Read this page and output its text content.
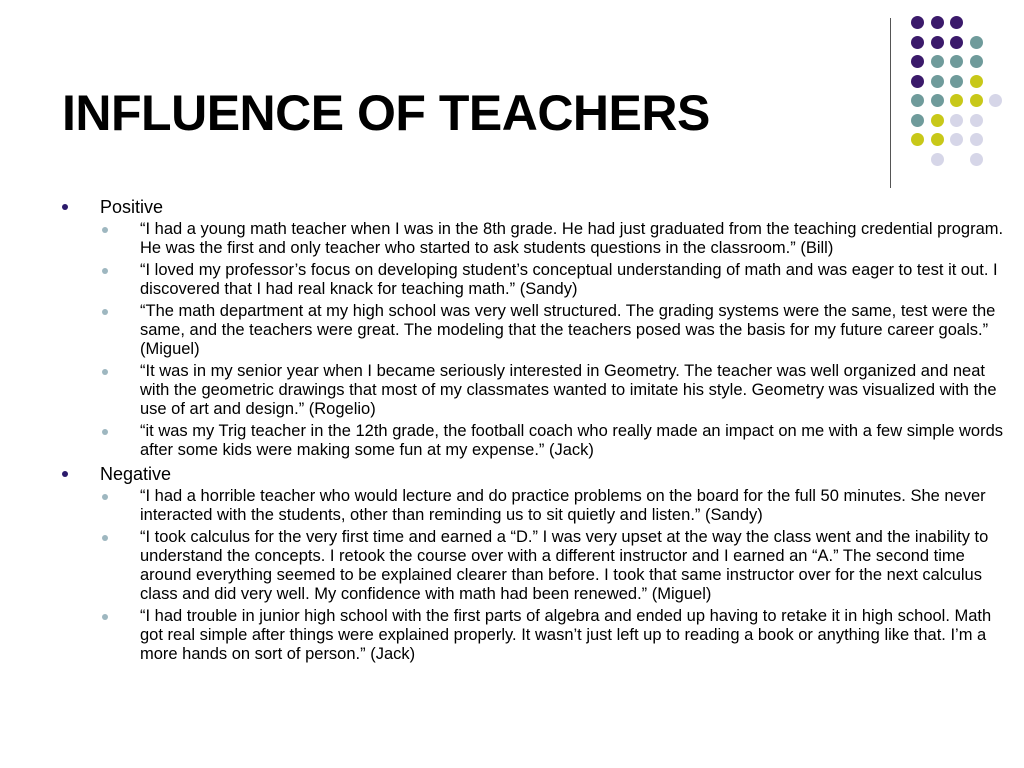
INFLUENCE OF TEACHERS
Positive
“I had a young math teacher when I was in the 8th grade. He had just graduated from the teaching credential program. He was the first and only teacher who started to ask students questions in the classroom.” (Bill)
“I loved my professor’s focus on developing student’s conceptual understanding of math and was eager to test it out. I discovered that I had real knack for teaching math.” (Sandy)
“The math department at my high school was very well structured. The grading systems were the same, test were the same, and the teachers were great. The modeling that the teachers posed was the basis for my future career goals.” (Miguel)
“It was in my senior year when I became seriously interested in Geometry. The teacher was well organized and neat with the geometric drawings that most of my classmates wanted to imitate his style. Geometry was visualized with the use of art and design.” (Rogelio)
“it was my Trig teacher in the 12th grade, the football coach who really made an impact on me with a few simple words after some kids were making some fun at my expense.” (Jack)
Negative
“I had a horrible teacher who would lecture and do practice problems on the board for the full 50 minutes. She never interacted with the students, other than reminding us to sit quietly and listen.” (Sandy)
“I took calculus for the very first time and earned a “D.” I was very upset at the way the class went and the inability to understand the concepts. I retook the course over with a different instructor and I earned an “A.” The second time around everything seemed to be explained clearer than before. I took that same instructor over for the next calculus class and did very well. My confidence with math had been renewed.” (Miguel)
“I had trouble in junior high school with the first parts of algebra and ended up having to retake it in high school. Math got real simple after things were explained properly. It wasn’t just left up to reading a book or anything like that. I’m a more hands on sort of person.” (Jack)
